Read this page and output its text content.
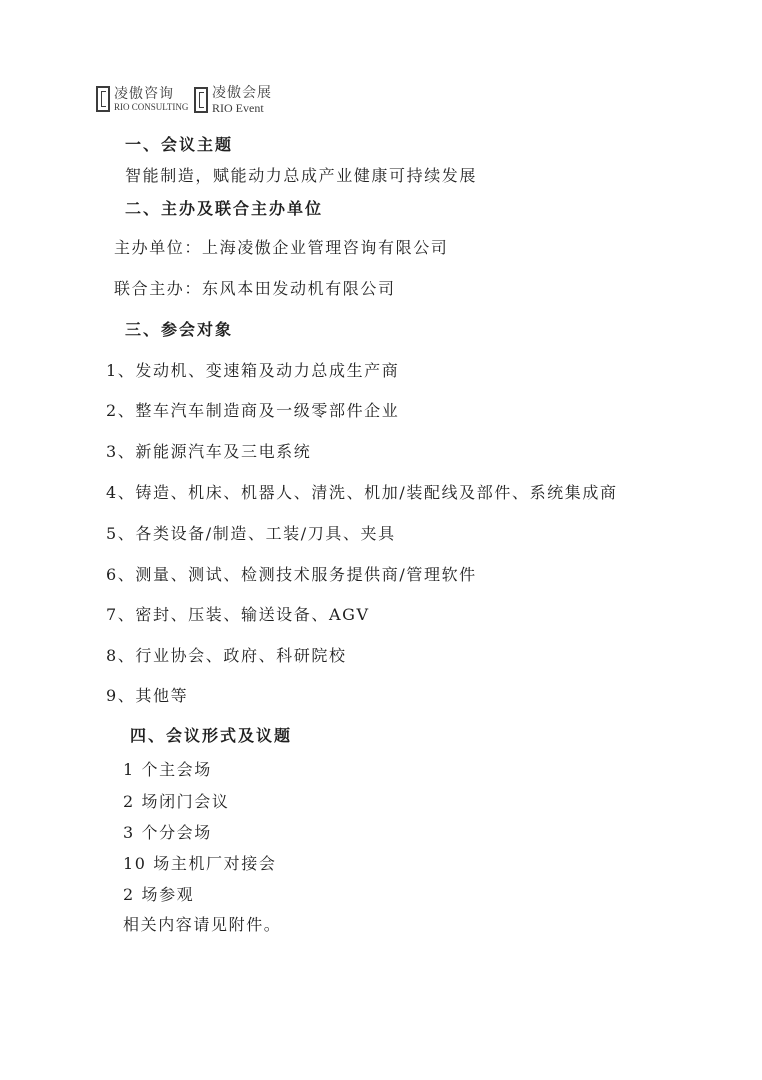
凌傲咨询
RIO CONSULTING
凌傲会展
RIO Event
一、会议主题
智能制造，赋能动力总成产业健康可持续发展
二、主办及联合主办单位
主办单位：上海凌傲企业管理咨询有限公司
联合主办：东风本田发动机有限公司
三、参会对象
1、发动机、变速箱及动力总成生产商
2、整车汽车制造商及一级零部件企业
3、新能源汽车及三电系统
4、铸造、机床、机器人、清洗、机加/装配线及部件、系统集成商
5、各类设备/制造、工装/刀具、夹具
6、测量、测试、检测技术服务提供商/管理软件
7、密封、压装、输送设备、AGV
8、行业协会、政府、科研院校
9、其他等
四、会议形式及议题
1 个主会场
2 场闭门会议
3 个分会场
10 场主机厂对接会
2 场参观
相关内容请见附件。
